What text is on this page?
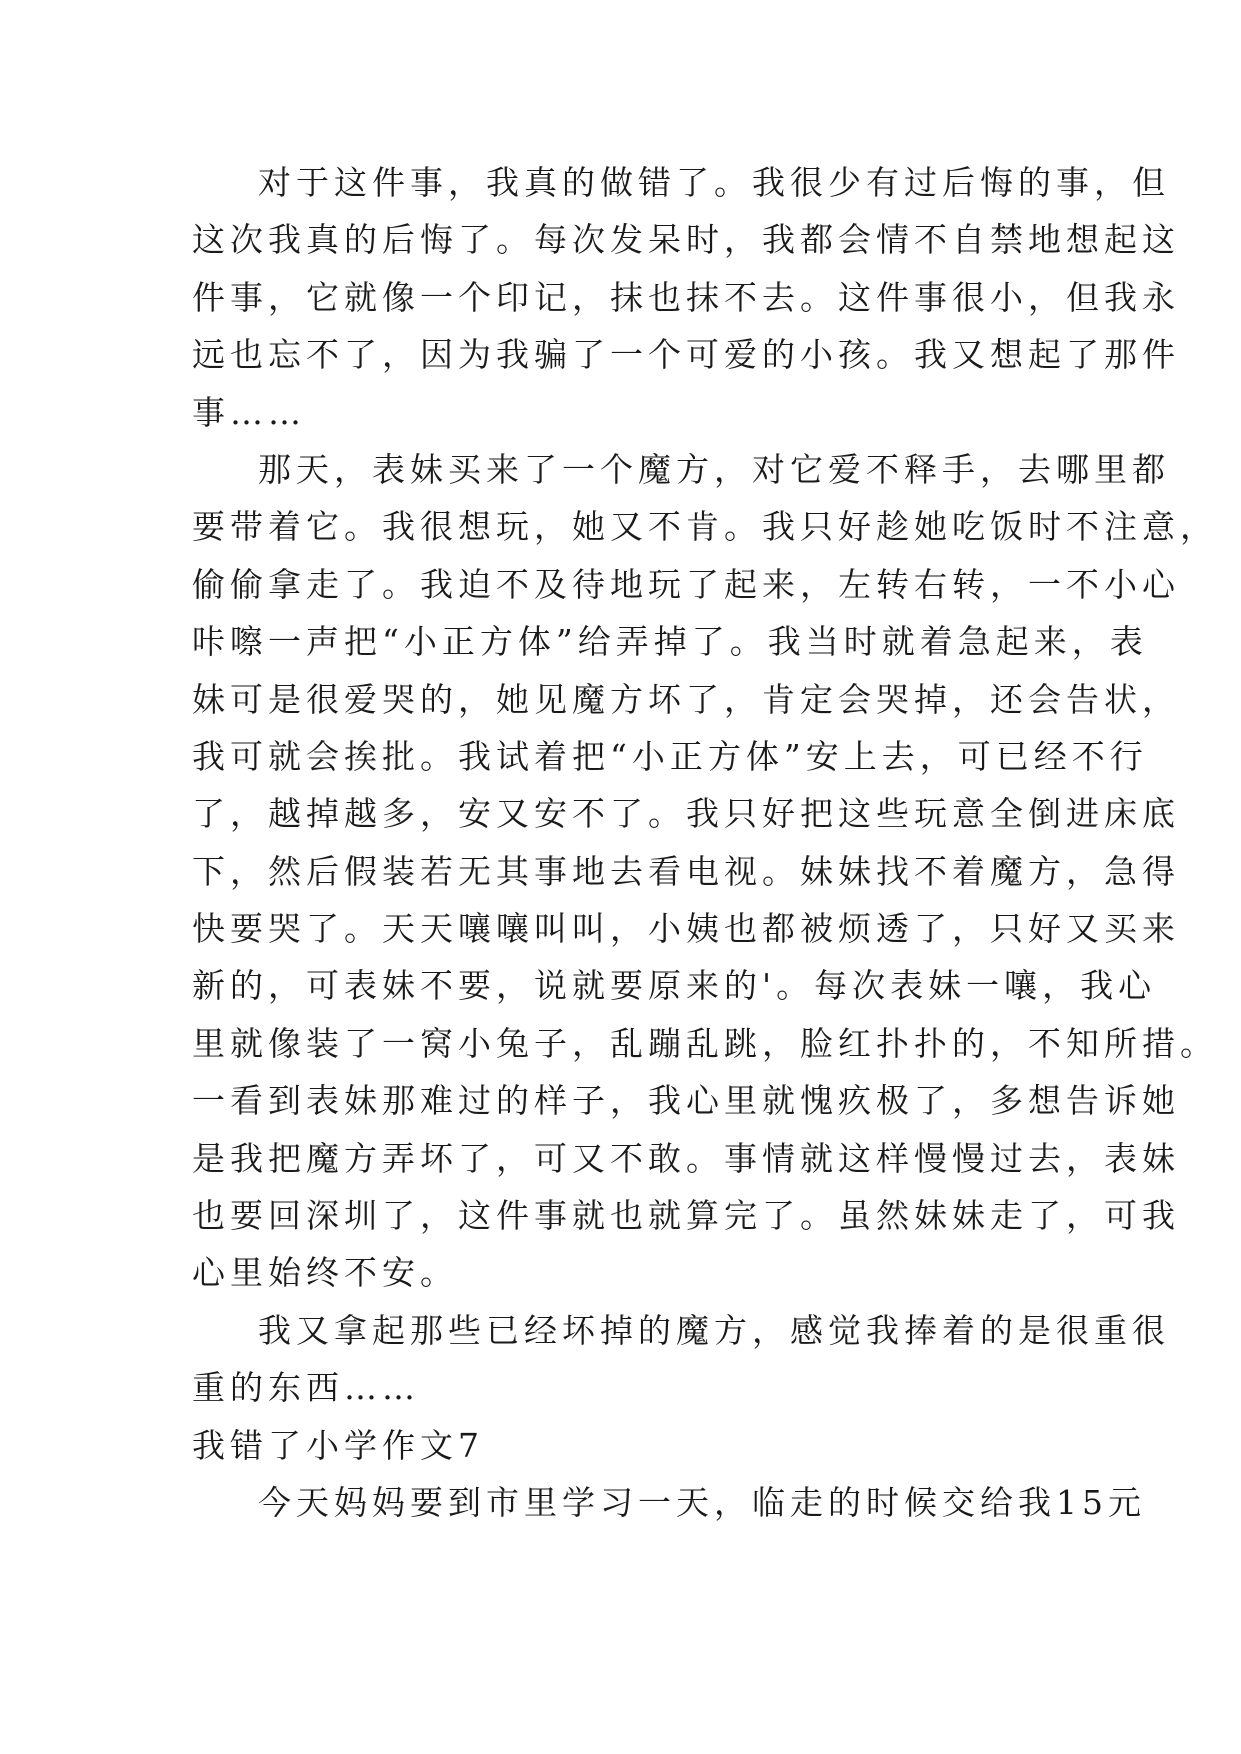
对于这件事，我真的做错了。我很少有过后悔的事，但
这次我真的后悔了。每次发呆时，我都会情不自禁地想起这
件事，它就像一个印记，抹也抹不去。这件事很小，但我永
远也忘不了，因为我骗了一个可爱的小孩。我又想起了那件
事……
那天，表妹买来了一个魔方，对它爱不释手，去哪里都
要带着它。我很想玩，她又不肯。我只好趁她吃饭时不注意，
偷偷拿走了。我迫不及待地玩了起来，左转右转，一不小心
咔嚓一声把“小正方体”给弄掉了。我当时就着急起来，表
妹可是很爱哭的，她见魔方坏了，肯定会哭掉，还会告状，
我可就会挨批。我试着把“小正方体”安上去，可已经不行
了，越掉越多，安又安不了。我只好把这些玩意全倒进床底
下，然后假装若无其事地去看电视。妹妹找不着魔方，急得
快要哭了。天天嚷嚷叫叫，小姨也都被烦透了，只好又买来
新的，可表妹不要，说就要原来的'。每次表妹一嚷，我心
里就像装了一窝小兔子，乱蹦乱跳，脸红扑扑的，不知所措。
一看到表妹那难过的样子，我心里就愧疚极了，多想告诉她
是我把魔方弄坏了，可又不敢。事情就这样慢慢过去，表妹
也要回深圳了，这件事就也就算完了。虽然妹妹走了，可我
心里始终不安。
我又拿起那些已经坏掉的魔方，感觉我捧着的是很重很
重的东西……
我错了小学作文7
今天妈妈要到市里学习一天，临走的时候交给我15元
